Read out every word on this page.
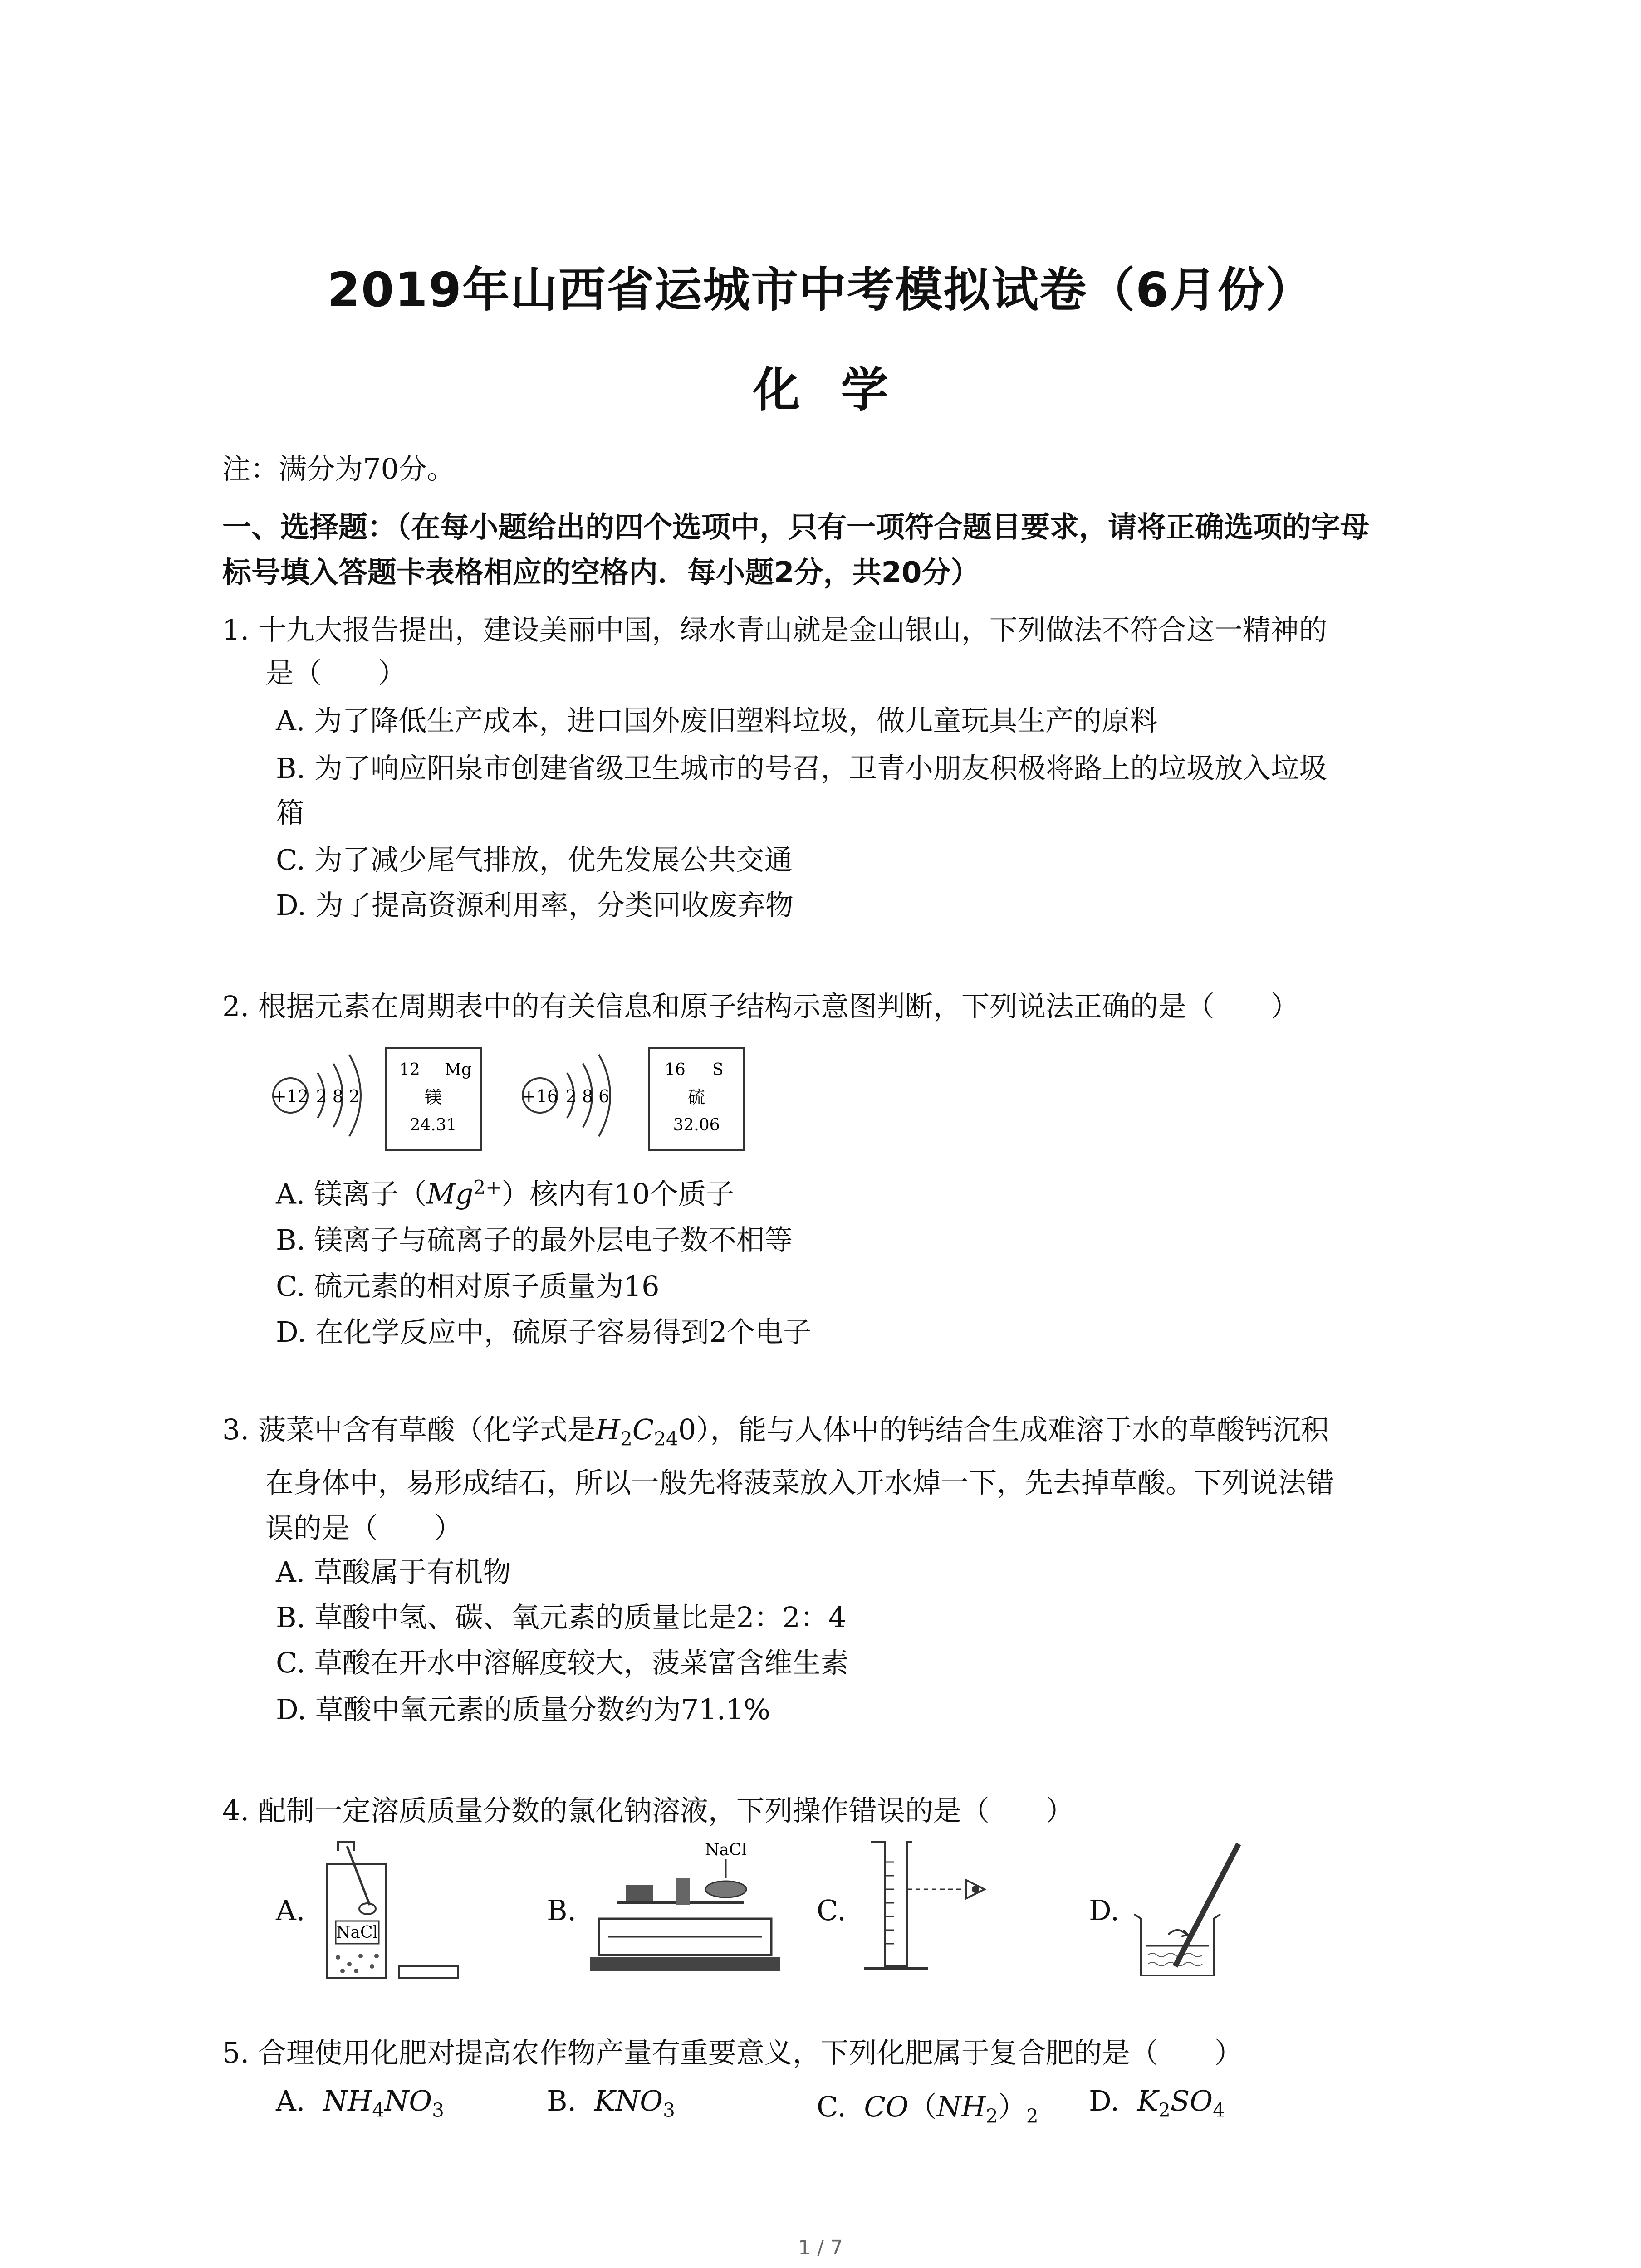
2019年山西省运城市中考模拟试卷（6月份）
化学
注：满分为70分。
一、选择题：（在每小题给出的四个选项中，只有一项符合题目要求，请将正确选项的字母
标号填入答题卡表格相应的空格内．每小题2分，共20分）
1. 十九大报告提出，建设美丽中国，绿水青山就是金山银山，下列做法不符合这一精神的
是（　　）
A. 为了降低生产成本，进口国外废旧塑料垃圾，做儿童玩具生产的原料
B. 为了响应阳泉市创建省级卫生城市的号召，卫青小朋友积极将路上的垃圾放入垃圾
箱
C. 为了减少尾气排放，优先发展公共交通
D. 为了提高资源利用率，分类回收废弃物
2. 根据元素在周期表中的有关信息和原子结构示意图判断，下列说法正确的是（　　）
+12 2 8 2
12 Mg
镁
24.31
+16 2 8 6
16 S
硫
32.06
A. 镁离子$(Mg^{2+})$核内有10个质子
B. 镁离子与硫离子的最外层电子数不相等
C. 硫元素的相对原子质量为16
D. 在化学反应中，硫原子容易得到2个电子
3. 菠菜中含有草酸（化学式是$H_2C_{24}0$），能与人体中的钙结合生成难溶于水的草酸钙沉积
在身体中，易形成结石，所以一般先将菠菜放入开水焯一下，先去掉草酸。下列说法错
误的是（　　）
A. 草酸属于有机物
B. 草酸中氢、碳、氧元素的质量比是2：2：4
C. 草酸在开水中溶解度较大，菠菜富含维生素
D. 草酸中氧元素的质量分数约为71.1%
4. 配制一定溶质质量分数的氯化钠溶液，下列操作错误的是（　　）
A.
NaCl
B.
NaCl
C.	D.
5. 合理使用化肥对提高农作物产量有重要意义，下列化肥属于复合肥的是（　　）
A. $NH_4NO_3$	B. $KNO_3$	C. $CO(NH_2)_2$ D. $K_2SO_4$
1 / 7
